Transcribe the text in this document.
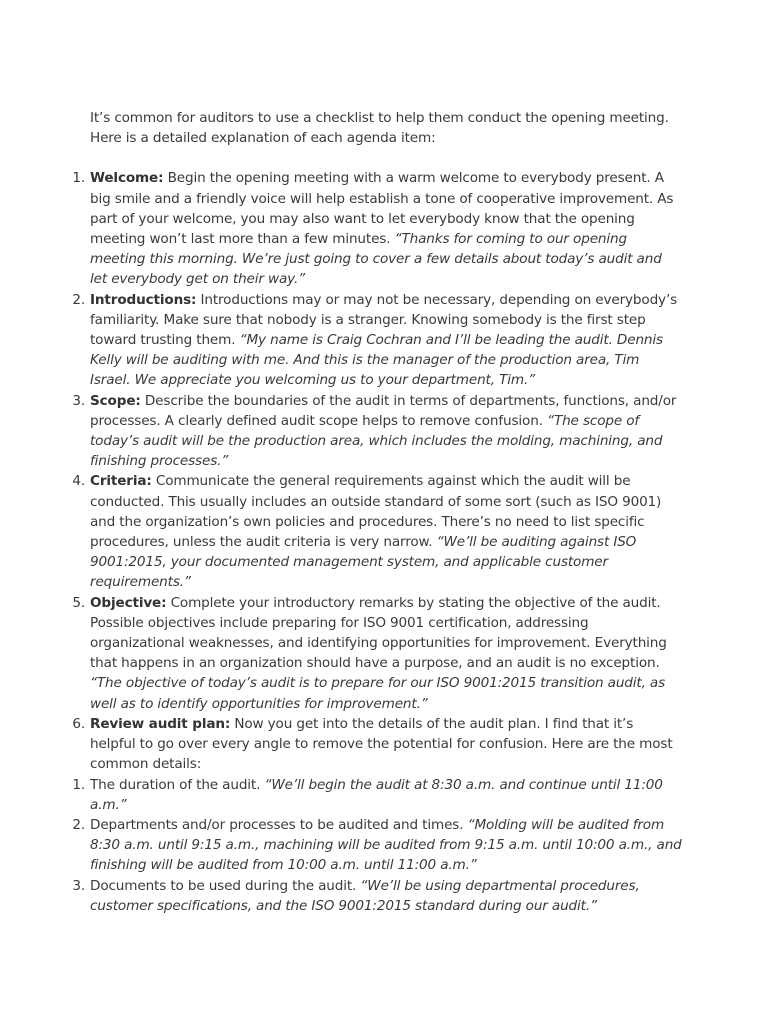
It’s common for auditors to use a checklist to help them conduct the opening meeting. Here is a detailed explanation of each agenda item:

1. Welcome: Begin the opening meeting with a warm welcome to everybody present. A big smile and a friendly voice will help establish a tone of cooperative improvement. As part of your welcome, you may also want to let everybody know that the opening meeting won’t last more than a few minutes. “Thanks for coming to our opening meeting this morning. We’re just going to cover a few details about today’s audit and let everybody get on their way.”
2. Introductions: Introductions may or may not be necessary, depending on everybody’s familiarity. Make sure that nobody is a stranger. Knowing somebody is the first step toward trusting them. “My name is Craig Cochran and I’ll be leading the audit. Dennis Kelly will be auditing with me. And this is the manager of the production area, Tim Israel. We appreciate you welcoming us to your department, Tim.”
3. Scope: Describe the boundaries of the audit in terms of departments, functions, and/or processes. A clearly defined audit scope helps to remove confusion. “The scope of today’s audit will be the production area, which includes the molding, machining, and finishing processes.”
4. Criteria: Communicate the general requirements against which the audit will be conducted. This usually includes an outside standard of some sort (such as ISO 9001) and the organization’s own policies and procedures. There’s no need to list specific procedures, unless the audit criteria is very narrow. “We’ll be auditing against ISO 9001:2015, your documented management system, and applicable customer requirements.”
5. Objective: Complete your introductory remarks by stating the objective of the audit. Possible objectives include preparing for ISO 9001 certification, addressing organizational weaknesses, and identifying opportunities for improvement. Everything that happens in an organization should have a purpose, and an audit is no exception. “The objective of today’s audit is to prepare for our ISO 9001:2015 transition audit, as well as to identify opportunities for improvement.”
6. Review audit plan: Now you get into the details of the audit plan. I find that it’s helpful to go over every angle to remove the potential for confusion. Here are the most common details:
1. The duration of the audit. “We’ll begin the audit at 8:30 a.m. and continue until 11:00 a.m.”
2. Departments and/or processes to be audited and times. “Molding will be audited from 8:30 a.m. until 9:15 a.m., machining will be audited from 9:15 a.m. until 10:00 a.m., and finishing will be audited from 10:00 a.m. until 11:00 a.m.”
3. Documents to be used during the audit. “We’ll be using departmental procedures, customer specifications, and the ISO 9001:2015 standard during our audit.”
